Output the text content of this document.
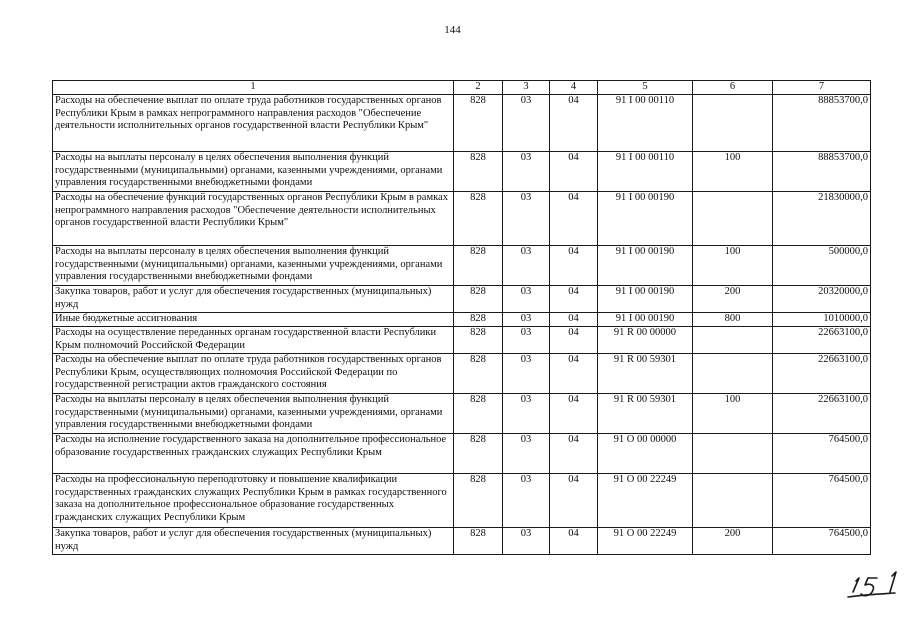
144
1	2	3	4	5	6	7
Расходы на обеспечение выплат по оплате труда работников государственных органов Республики Крым в рамках непрограммного направления расходов "Обеспечение деятельности исполнительных органов государственной власти Республики Крым"	828	03	04	91 I 00 00110		88853700,0
Расходы на выплаты персоналу в целях обеспечения выполнения функций государственными (муниципальными) органами, казенными учреждениями, органами управления государственными внебюджетными фондами	828	03	04	91 I 00 00110	100	88853700,0
Расходы на обеспечение функций государственных органов Республики Крым в рамках непрограммного направления расходов "Обеспечение деятельности исполнительных органов государственной власти Республики Крым"	828	03	04	91 I 00 00190		21830000,0
Расходы на выплаты персоналу в целях обеспечения выполнения функций государственными (муниципальными) органами, казенными учреждениями, органами управления государственными внебюджетными фондами	828	03	04	91 I 00 00190	100	500000,0
Закупка товаров, работ и услуг для обеспечения государственных (муниципальных) нужд	828	03	04	91 I 00 00190	200	20320000,0
Иные бюджетные ассигнования	828	03	04	91 I 00 00190	800	1010000,0
Расходы на осуществление переданных органам государственной власти Республики Крым полномочий Российской Федерации	828	03	04	91 R 00 00000		22663100,0
Расходы на обеспечение выплат по оплате труда работников государственных органов Республики Крым, осуществляющих полномочия Российской Федерации по государственной регистрации актов гражданского состояния	828	03	04	91 R 00 59301		22663100,0
Расходы на выплаты персоналу в целях обеспечения выполнения функций государственными (муниципальными) органами, казенными учреждениями, органами управления государственными внебюджетными фондами	828	03	04	91 R 00 59301	100	22663100,0
Расходы на исполнение государственного заказа на дополнительное профессиональное образование государственных гражданских служащих Республики Крым	828	03	04	91 O 00 00000		764500,0
Расходы на профессиональную переподготовку и повышение квалификации государственных гражданских служащих Республики Крым в рамках государственного заказа на дополнительное профессиональное образование государственных гражданских служащих Республики Крым	828	03	04	91 O 00 22249		764500,0
Закупка товаров, работ и услуг для обеспечения государственных (муниципальных) нужд	828	03	04	91 O 00 22249	200	764500,0
